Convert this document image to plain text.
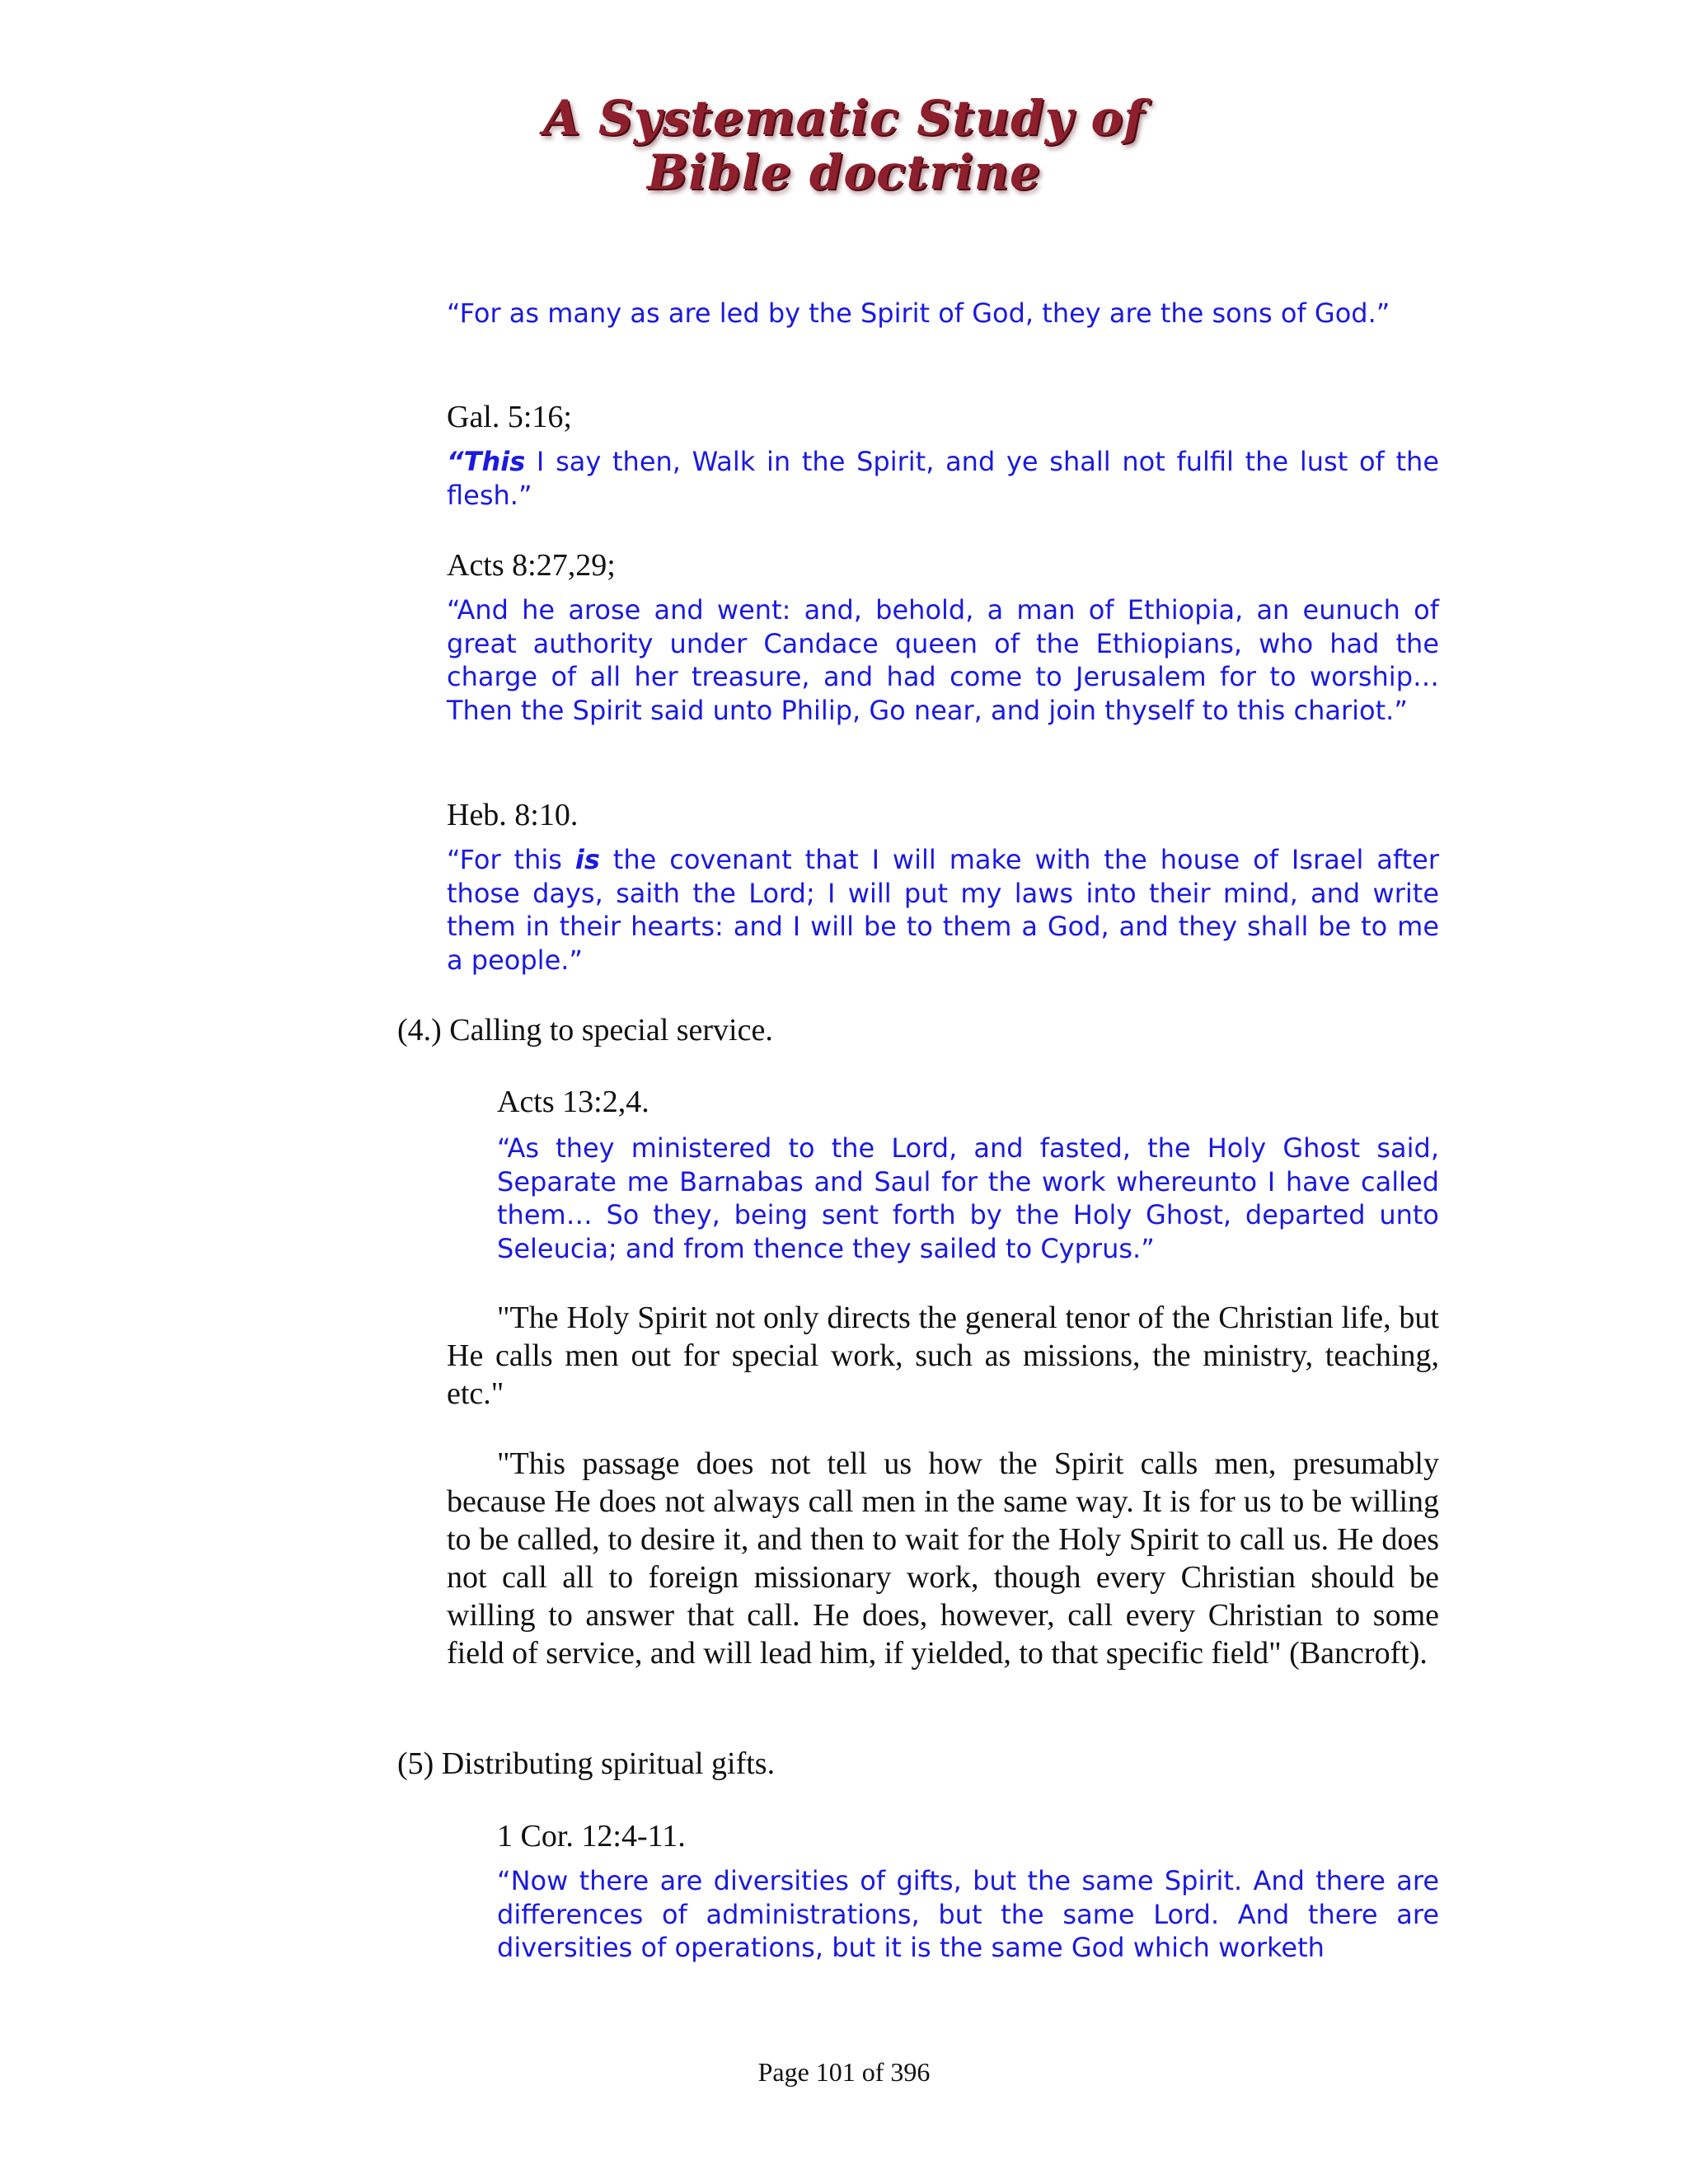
A Systematic Study of
Bible doctrine
“For as many as are led by the Spirit of God, they are the sons of God.”
Gal. 5:16;
“This I say then, Walk in the Spirit, and ye shall not fulfil the lust of the flesh.”
Acts 8:27,29;
“And he arose and went: and, behold, a man of Ethiopia, an eunuch of great authority under Candace queen of the Ethiopians, who had the charge of all her treasure, and had come to Jerusalem for to worship… Then the Spirit said unto Philip, Go near, and join thyself to this chariot.”
Heb. 8:10.
“For this is the covenant that I will make with the house of Israel after those days, saith the Lord; I will put my laws into their mind, and write them in their hearts: and I will be to them a God, and they shall be to me a people.”
(4.) Calling to special service.
Acts 13:2,4.
“As they ministered to the Lord, and fasted, the Holy Ghost said, Separate me Barnabas and Saul for the work whereunto I have called them… So they, being sent forth by the Holy Ghost, departed unto Seleucia; and from thence they sailed to Cyprus.”
"The Holy Spirit not only directs the general tenor of the Christian life, but He calls men out for special work, such as missions, the ministry, teaching, etc."
"This passage does not tell us how the Spirit calls men, presumably because He does not always call men in the same way. It is for us to be willing to be called, to desire it, and then to wait for the Holy Spirit to call us. He does not call all to foreign missionary work, though every Christian should be willing to answer that call. He does, however, call every Christian to some field of service, and will lead him, if yielded, to that specific field" (Bancroft).
(5) Distributing spiritual gifts.
1 Cor. 12:4-11.
“Now there are diversities of gifts, but the same Spirit. And there are differences of administrations, but the same Lord. And there are diversities of operations, but it is the same God which worketh
Page 101 of 396
